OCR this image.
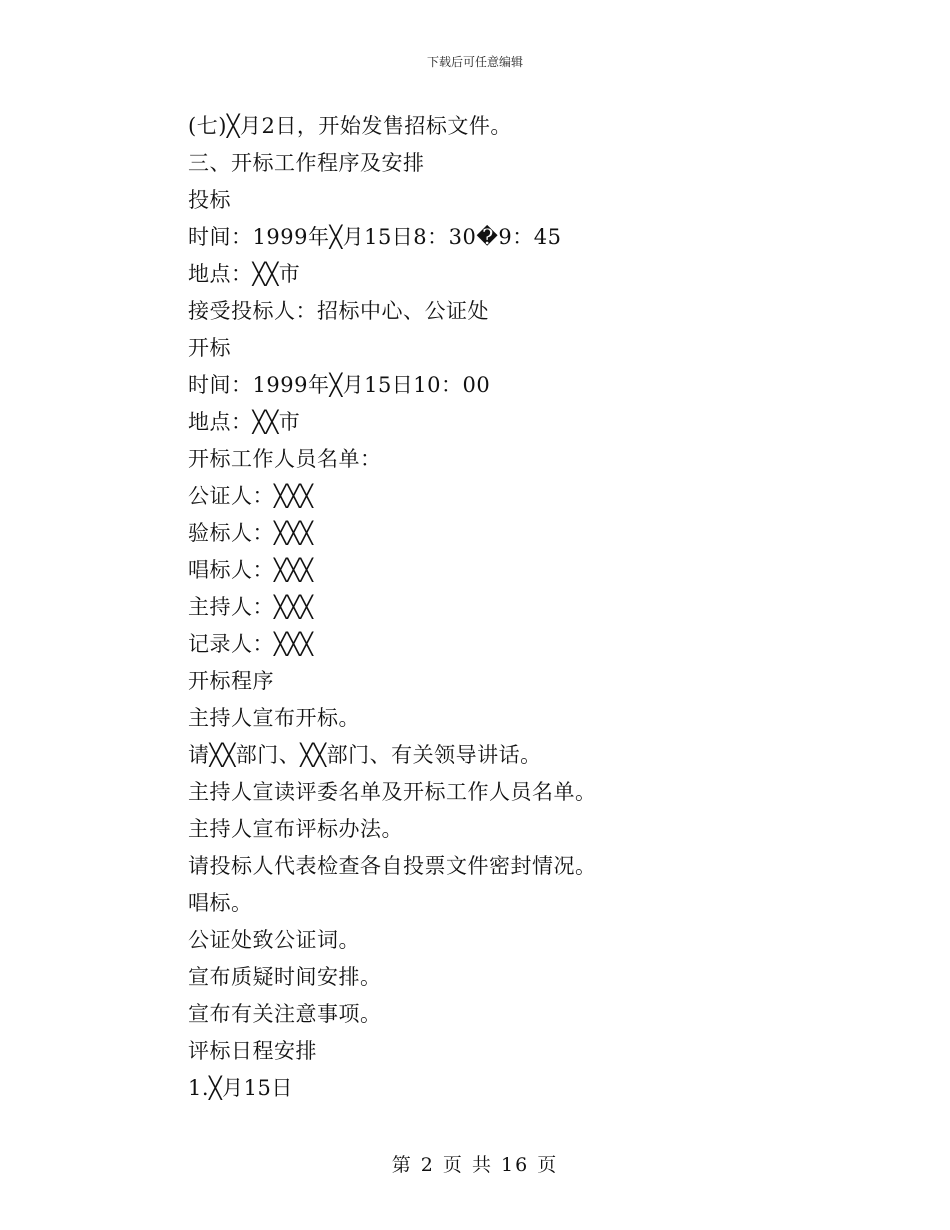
下载后可任意编辑
(七)╳月2日，开始发售招标文件。
三、开标工作程序及安排
投标
时间：1999年╳月15日8：30�9：45
地点：╳╳市
接受投标人：招标中心、公证处
开标
时间：1999年╳月15日10：00
地点：╳╳市
开标工作人员名单：
公证人：╳╳╳
验标人：╳╳╳
唱标人：╳╳╳
主持人：╳╳╳
记录人：╳╳╳
开标程序
主持人宣布开标。
请╳╳部门、╳╳部门、有关领导讲话。
主持人宣读评委名单及开标工作人员名单。
主持人宣布评标办法。
请投标人代表检查各自投票文件密封情况。
唱标。
公证处致公证词。
宣布质疑时间安排。
宣布有关注意事项。
评标日程安排
1.╳月15日
第 2 页 共 16 页
